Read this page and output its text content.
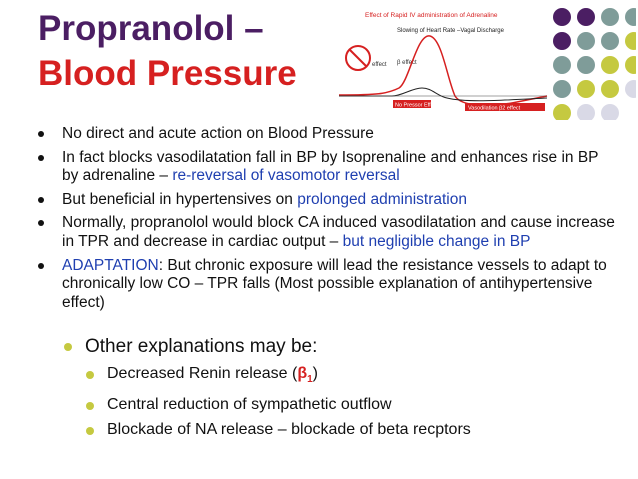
Propranolol –
Blood Pressure
Effect of Rapid IV administration of Adrenaline
Slowing of Heart Rate –Vagal Discharge
effect β effect
No Pressor Effect	Vasodilation β2 effect
No direct and acute action on Blood Pressure
In fact blocks vasodilatation fall in BP by Isoprenaline and enhances rise in BP by adrenaline – re-reversal of vasomotor reversal
But beneficial in hypertensives on prolonged administration
Normally, propranolol would block CA induced vasodilatation and cause increase in TPR and decrease in cardiac output – but negligible change in BP
ADAPTATION: But chronic exposure will lead the resistance vessels to adapt to chronically low CO – TPR falls (Most possible explanation of antihypertensive effect)
Other explanations may be:
Decreased Renin release $(\beta_1)$
Central reduction of sympathetic outflow
Blockade of NA release – blockade of beta recptors
